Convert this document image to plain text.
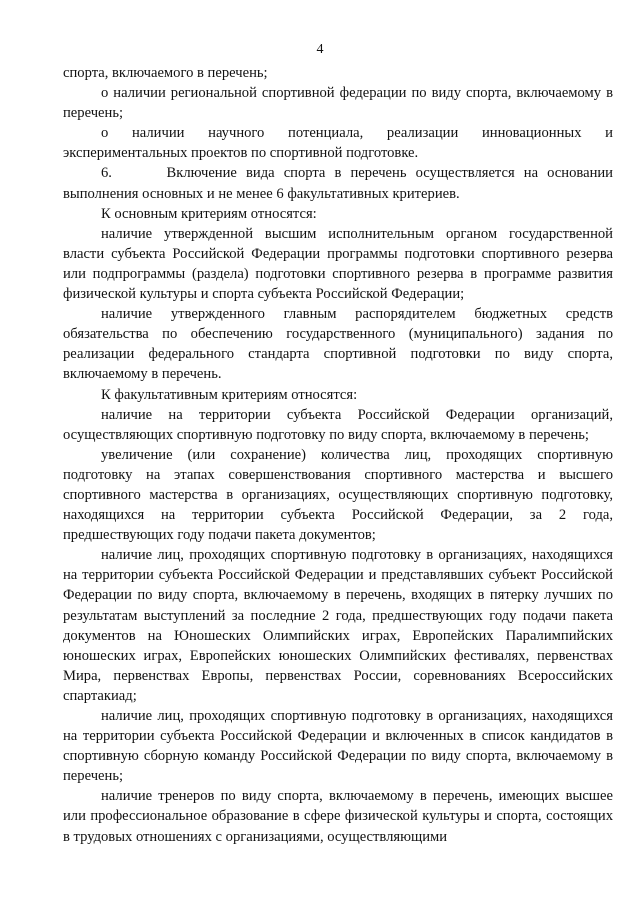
4

спорта, включаемого в перечень;

о наличии региональной спортивной федерации по виду спорта, включаемому в перечень;

о наличии научного потенциала, реализации инновационных и экспериментальных проектов по спортивной подготовке.

6.      Включение вида спорта в перечень осуществляется на основании выполнения основных и не менее 6 факультативных критериев.

К основным критериям относятся:

наличие утвержденной высшим исполнительным органом государственной власти субъекта Российской Федерации программы подготовки спортивного резерва или подпрограммы (раздела) подготовки спортивного резерва в программе развития физической культуры и спорта субъекта Российской Федерации;

наличие утвержденного главным распорядителем бюджетных средств обязательства по обеспечению государственного (муниципального) задания по реализации федерального стандарта спортивной подготовки по виду спорта, включаемому в перечень.

К факультативным критериям относятся:

наличие на территории субъекта Российской Федерации организаций, осуществляющих спортивную подготовку по виду спорта, включаемому в перечень;

увеличение (или сохранение) количества лиц, проходящих спортивную подготовку на этапах совершенствования спортивного мастерства и высшего спортивного мастерства в организациях, осуществляющих спортивную подготовку, находящихся на территории субъекта Российской Федерации, за 2 года, предшествующих году подачи пакета документов;

наличие лиц, проходящих спортивную подготовку в организациях, находящихся на территории субъекта Российской Федерации и представлявших субъект Российской Федерации по виду спорта, включаемому в перечень, входящих в пятерку лучших по результатам выступлений за последние 2 года, предшествующих году подачи пакета документов на Юношеских Олимпийских играх, Европейских Паралимпийских юношеских играх, Европейских юношеских Олимпийских фестивалях, первенствах Мира, первенствах Европы, первенствах России, соревнованиях Всероссийских спартакиад;

наличие лиц, проходящих спортивную подготовку в организациях, находящихся на территории субъекта Российской Федерации и включенных в список кандидатов в спортивную сборную команду Российской Федерации по виду спорта, включаемому в перечень;

наличие тренеров по виду спорта, включаемому в перечень, имеющих высшее или профессиональное образование в сфере физической культуры и спорта, состоящих в трудовых отношениях с организациями, осуществляющими
